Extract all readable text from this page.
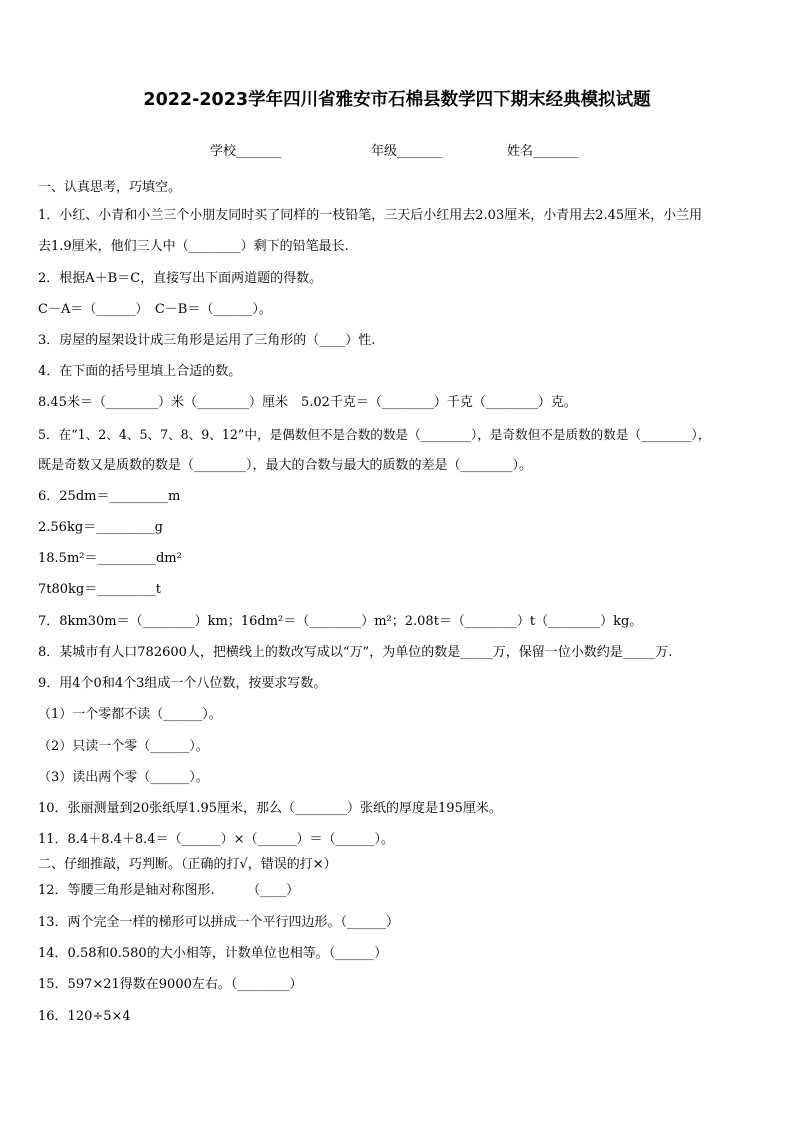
2022-2023学年四川省雅安市石棉县数学四下期末经典模拟试题
学校_______	年级_______	姓名_______
一、认真思考，巧填空。
1．小红、小青和小兰三个小朋友同时买了同样的一枝铅笔，三天后小红用去2.03厘米，小青用去2.45厘米，小兰用
去1.9厘米，他们三人中（________）剩下的铅笔最长.
2．根据A＋B＝C，直接写出下面两道题的得数。
C－A＝（______）　C－B＝（______）。
3．房屋的屋架设计成三角形是运用了三角形的（____）性.
4．在下面的括号里填上合适的数。
8.45米＝（________）米（________）厘米　5.02千克＝（________）千克（________）克。
5．在“1、2、4、5、7、8、9、12”中，是偶数但不是合数的数是（________），是奇数但不是质数的数是（________），
既是奇数又是质数的数是（________），最大的合数与最大的质数的差是（________）。
6．25dm＝_________m
2.56kg＝_________g
18.5m²＝_________dm²
7t80kg＝_________t
7．8km30m＝（________）km；16dm²＝（________）m²；2.08t＝（________）t（________）kg。
8．某城市有人口782600人，把横线上的数改写成以“万”，为单位的数是_____万，保留一位小数约是_____万.
9．用4个0和4个3组成一个八位数，按要求写数。
（1）一个零都不读（______）。
（2）只读一个零（______）。
（3）读出两个零（______）。
10．张丽测量到20张纸厚1.95厘米，那么（________）张纸的厚度是195厘米。
11．8.4＋8.4＋8.4＝（______）×（______）＝（______）。
二、仔细推敲，巧判断。（正确的打√，错误的打×）
12．等腰三角形是轴对称图形.　　　（____）
13．两个完全一样的梯形可以拼成一个平行四边形。（______）
14．0.58和0.580的大小相等，计数单位也相等。（______）
15．597×21得数在9000左右。（________）
16．120÷5×4
